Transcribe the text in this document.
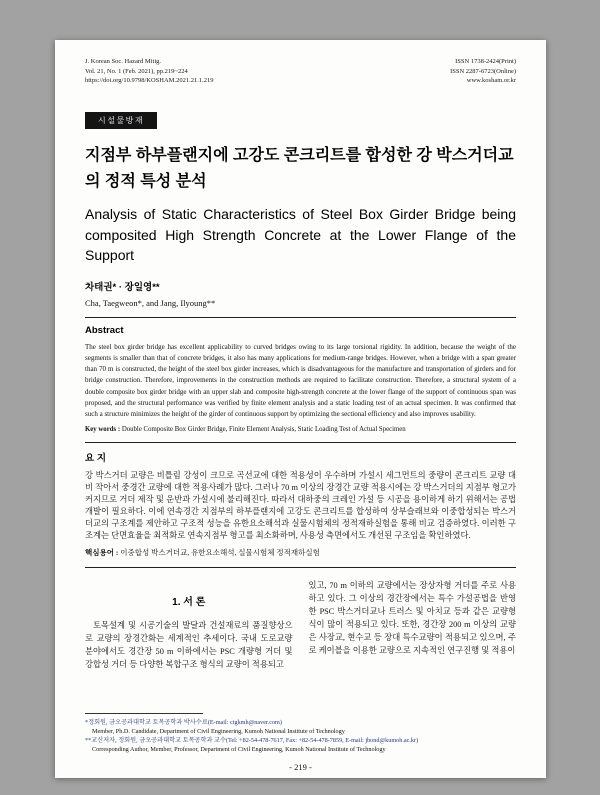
J. Korean Soc. Hazard Mitig.
Vol. 21, No. 1 (Feb. 2021), pp.219~224
https://doi.org/10.9798/KOSHAM.2021.21.1.219
ISSN 1738-2424(Print)
ISSN 2287-6723(Online)
www.kosham.or.kr
시설물방재
지점부 하부플랜지에 고강도 콘크리트를 합성한 강 박스거더교의 정적 특성 분석
Analysis of Static Characteristics of Steel Box Girder Bridge being composited High Strength Concrete at the Lower Flange of the Support
차태권* · 장일영**
Cha, Taegweon*, and Jang, Ilyoung**
Abstract

The steel box girder bridge has excellent applicability to curved bridges owing to its large torsional rigidity. In addition, because the weight of the segments is smaller than that of concrete bridges, it also has many applications for medium-range bridges. However, when a bridge with a span greater than 70 m is constructed, the height of the steel box girder increases, which is disadvantageous for the manufacture and transportation of girders and for bridge construction. Therefore, improvements in the construction methods are required to facilitate construction. Therefore, a structural system of a double composite box girder bridge with an upper slab and composite high-strength concrete at the lower flange of the support of continuous span was proposed, and the structural performance was verified by finite element analysis and a static loading test of an actual specimen. It was confirmed that such a structure minimizes the height of the girder of continuous support by optimizing the sectional efficiency and also improves usability.

Key words : Double Composite Box Girder Bridge, Finite Element Analysis, Static Loading Test of Actual Specimen

요 지

강 박스거더 교량은 비틀림 강성이 크므로 곡선교에 대한 적용성이 우수하며 가설시 세그먼트의 중량이 콘크리트 교량 대비 작아서 중경간 교량에 대한 적용사례가 많다. 그러나 70 m 이상의 장경간 교량 적용시에는 강 박스거더의 지점부 형고가 커지므로 거더 제작 및 운반과 가설시에 불리해진다. 따라서 대하중의 크레인 가설 등 시공을 용이하게 하기 위해서는 공법 개발이 필요하다. 이에 연속경간 지점부의 하부플랜지에 고강도 콘크리트를 합성하여 상부슬래브와 이중합성되는 박스거더교의 구조계를 제안하고 구조적 성능을 유한요소해석과 실물시험체의 정적재하실험을 통해 비교 검증하였다. 이러한 구조계는 단면효율을 최적화로 연속지점부 형고를 최소화하며, 사용성 측면에서도 개선된 구조임을 확인하였다.

핵심용어 : 이중합성 박스거더교, 유한요소해석, 실물시험체 정적재하실험

1. 서 론

토목설계 및 시공기술의 발달과 건설재료의 품질향상으로 교량의 장경간화는 세계적인 추세이다. 국내 도로교량 분야에서도 경간장 50 m 이하에서는 PSC 개량형 거더 및 강합성 거더 등 다양한 복합구조 형식의 교량이 적용되고

있고, 70 m 이하의 교량에서는 장상자형 거더를 주로 사용하고 있다. 그 이상의 경간장에서는 특수 가설공법을 반영한 PSC 박스거더교나 트러스 및 아치교 등과 같은 교량형식이 많이 적용되고 있다. 또한, 경간장 200 m 이상의 교량은 사장교, 현수교 등 장대 특수교량이 적용되고 있으며, 주로 케이블을 이용한 교량으로 지속적인 연구진행 및 적용이

*정회원, 금오공과대학교 토목공학과 박사수료(E-mail: ctgkmh@naver.com)
Member, Ph.D. Candidate, Department of Civil Engineering, Kumoh National Institute of Technology
**교신저자, 정회원, 금오공과대학교 토목공학과 교수(Tel: +82-54-478-7617, Fax: +82-54-478-7859, E-mail: jbond@kumoh.ac.kr)
Corresponding Author, Member, Professor, Department of Civil Engineering, Kumoh National Institute of Technology
- 219 -
